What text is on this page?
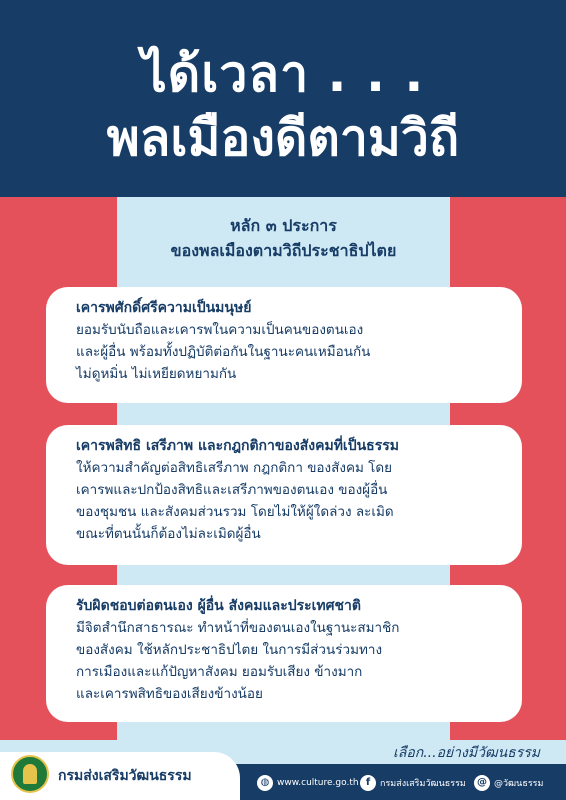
ได้เวลา . . .
พลเมืองดีตามวิถี
หลัก ๓ ประการ
ของพลเมืองตามวิถีประชาธิปไตย
เคารพศักดิ์ศรีความเป็นมนุษย์
ยอมรับนับถือและเคารพในความเป็นคนของตนเอง
และผู้อื่น พร้อมทั้งปฏิบัติต่อกันในฐานะคนเหมือนกัน
ไม่ดูหมิ่น ไม่เหยียดหยามกัน
เคารพสิทธิ เสรีภาพ และกฎกติกาของสังคมที่เป็นธรรม
ให้ความสำคัญต่อสิทธิเสรีภาพ กฎกติกา ของสังคม โดย
เคารพและปกป้องสิทธิและเสรีภาพของตนเอง ของผู้อื่น
ของชุมชน และสังคมส่วนรวม โดยไม่ให้ผู้ใดล่วง ละเมิด
ขณะที่ตนนั้นก็ต้องไม่ละเมิดผู้อื่น
รับผิดชอบต่อตนเอง ผู้อื่น สังคมและประเทศชาติ
มีจิตสำนึกสาธารณะ ทำหน้าที่ของตนเองในฐานะสมาชิก
ของสังคม ใช้หลักประชาธิปไตย ในการมีส่วนร่วมทาง
การเมืองและแก้ปัญหาสังคม ยอมรับเสียง ข้างมาก
และเคารพสิทธิของเสียงข้างน้อย
เลือก...อย่างมีวัฒนธรรม
กรมส่งเสริมวัฒนธรรม	◍ www.culture.go.th f	กรมส่งเสริมวัฒนธรรม	@ @วัฒนธรรม
